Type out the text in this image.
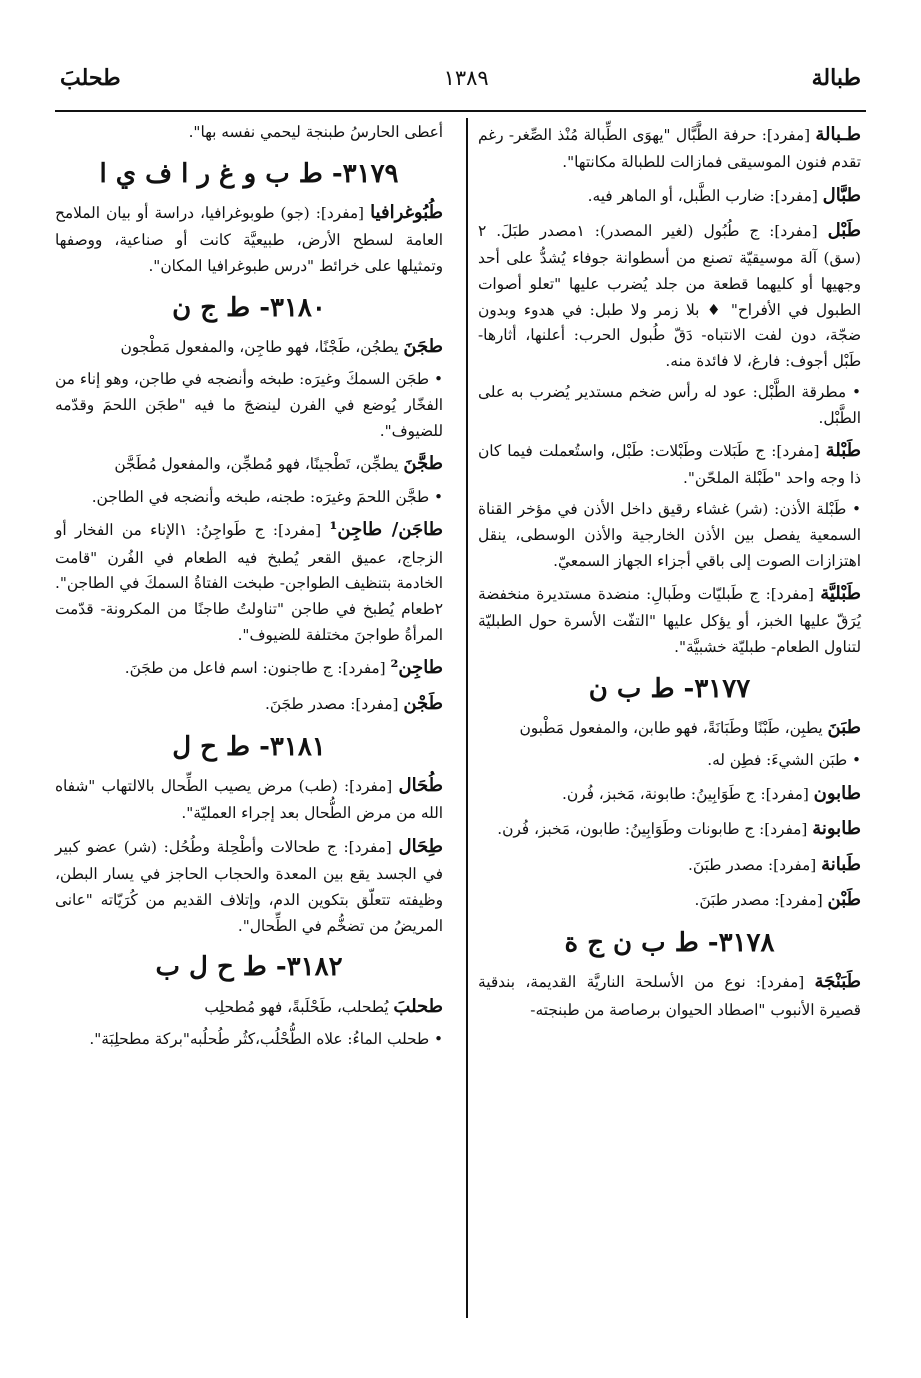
طبالة
١٣٨٩
طحلبَ

طـبالة [مفرد]: حرفة الطَّبَّال "يهوَى الطِّبالة مُنْذ الصِّغر- رغم تقدم فنون الموسيقى فمازالت للطبالة مكانتها".

طبَّال [مفرد]: ضارب الطَّبل، أو الماهر فيه.

طَبْل [مفرد]: ج طُبُول (لغير المصدر): ١مصدر طبَلَ. ٢ (سق) آلة موسيقيّة تصنع من أسطوانة جوفاء يُشدُّ على أحد وجهيها أو كليهما قطعة من جلد يُضرب عليها "تعلو أصوات الطبول في الأفراح" ♦ بلا زمر ولا طبل: في هدوء وبدون ضجّة، دون لفت الانتباه- دَقّ طُبول الحرب: أعلنها، أثارها- طَبْل أجوف: فارغ، لا فائدة منه.

• مطرقة الطَّبْل: عود له رأس ضخم مستدير يُضرب به على الطَّبْل.

طَبْلة [مفرد]: ج طَبَلات وطَبْلات: طَبْل، واستُعملت فيما كان ذا وجه واحد "طَبْلة الملحّن".

• طَبْلة الأذن: (شر) غشاء رقيق داخل الأذن في مؤخر القناة السمعية يفصل بين الأذن الخارجية والأذن الوسطى، ينقل اهتزازات الصوت إلى باقي أجزاء الجهاز السمعيّ.

طَبْليَّة [مفرد]: ج طَبليّات وطَبالِ: منضدة مستديرة منخفضة يُرَقّ عليها الخبز، أو يؤكل عليها "التفّت الأسرة حول الطبليّة لتناول الطعام- طبليّة خشبيَّة".

٣١٧٧- ط ب ن

طبَنَ يطبِن، طَبْنًا وطَبَانَةً، فهو طابن، والمفعول مَطْبون

• طبَن الشيءَ: فطِن له.

طابون [مفرد]: ج طَوَابِينُ: طابونة، مَخبز، فُرن.

طابونة [مفرد]: ج طابونات وطَوَابِينُ: طابون، مَخبز، فُرن.

طَبانة [مفرد]: مصدر طبَنَ.

طَبْن [مفرد]: مصدر طبَنَ.

٣١٧٨- ط ب ن ج ة

طَبَنْجَة [مفرد]: نوع من الأسلحة الناريَّة القديمة، بندقية قصيرة الأنبوب "اصطاد الحيوان برصاصة من طبنجته-

أعطى الحارسُ طبنجة ليحمي نفسه بها".

٣١٧٩- ط ب و غ ر ا ف ي ا

طُبُوغرافيا [مفرد]: (جو) طوبوغرافيا، دراسة أو بيان الملامح العامة لسطح الأرض، طبيعيَّة كانت أو صناعية، ووصفها وتمثيلها على خرائط "درس طبوغرافيا المكان".

٣١٨٠- ط ج ن

طجَنَ يطجُن، طَجْنًا، فهو طاجِن، والمفعول مَطْجون

• طجَن السمكَ وغيرَه: طبخه وأنضجه في طاجن، وهو إناء من الفخّار يُوضع في الفرن لينضجَ ما فيه "طجَن اللحمَ وقدّمه للضيوف".

طجَّنَ يطجِّن، تَطْجينًا، فهو مُطجِّن، والمفعول مُطَجَّن

• طجَّن اللحمَ وغيرَه: طجنه، طبخه وأنضجه في الطاجن.

طاجَن/ طاجِن¹ [مفرد]: ج طَواجِنُ: ١الإناء من الفخار أو الزجاج، عميق القعر يُطبخ فيه الطعام في الفُرن "قامت الخادمة بتنظيف الطواجن- طبخت الفتاةُ السمكَ في الطاجن". ٢طعام يُطبخ في طاجن "تناولتُ طاجنًا من المكرونة- قدّمت المرأةُ طواجنَ مختلفة للضيوف".

طاجِن² [مفرد]: ج طاجنون: اسم فاعل من طجَنَ.

طَجْن [مفرد]: مصدر طجَنَ.

٣١٨١- ط ح ل

طُحَال [مفرد]: (طب) مرض يصيب الطِّحال بالالتهاب "شفاه الله من مرض الطُّحال بعد إجراء العمليّة".

طِحَال [مفرد]: ج طحالات وأطْحِلة وطُحُل: (شر) عضو كبير في الجسد يقع بين المعدة والحجاب الحاجز في يسار البطن، وظيفته تتعلّق بتكوين الدم، وإتلاف القديم من كُرَيّاته "عانى المريضُ من تضخُّم في الطِّحال".

٣١٨٢- ط ح ل ب

طحلبَ يُطحلب، طَحْلَبةً، فهو مُطحلِب

• طحلب الماءُ: علاه الطُّحْلُب،كثُر طُحلُبه"بركة مطحلِبَة".
